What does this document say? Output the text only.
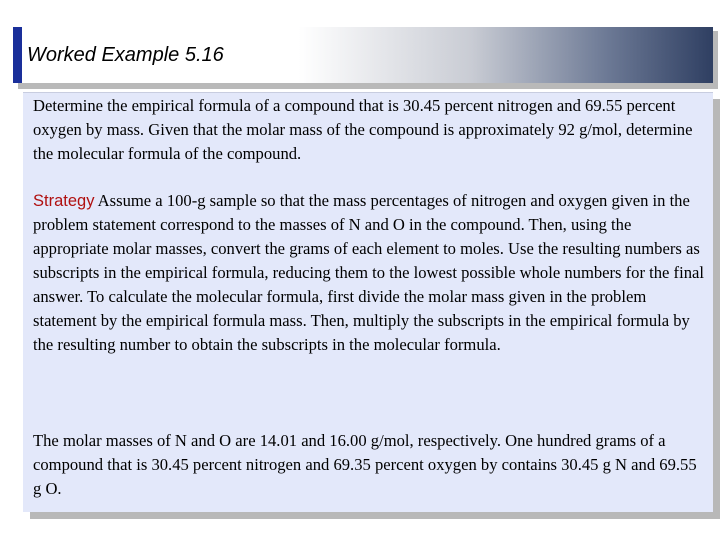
Worked Example 5.16

Determine the empirical formula of a compound that is 30.45 percent nitrogen and 69.55 percent oxygen by mass. Given that the molar mass of the compound is approximately 92 g/mol, determine the molecular formula of the compound.

Strategy Assume a 100-g sample so that the mass percentages of nitrogen and oxygen given in the problem statement correspond to the masses of N and O in the compound. Then, using the appropriate molar masses, convert the grams of each element to moles. Use the resulting numbers as subscripts in the empirical formula, reducing them to the lowest possible whole numbers for the final answer. To calculate the molecular formula, first divide the molar mass given in the problem statement by the empirical formula mass. Then, multiply the subscripts in the empirical formula by the resulting number to obtain the subscripts in the molecular formula.

The molar masses of N and O are 14.01 and 16.00 g/mol, respectively. One hundred grams of a compound that is 30.45 percent nitrogen and 69.35 percent oxygen by contains 30.45 g N and 69.55 g O.
